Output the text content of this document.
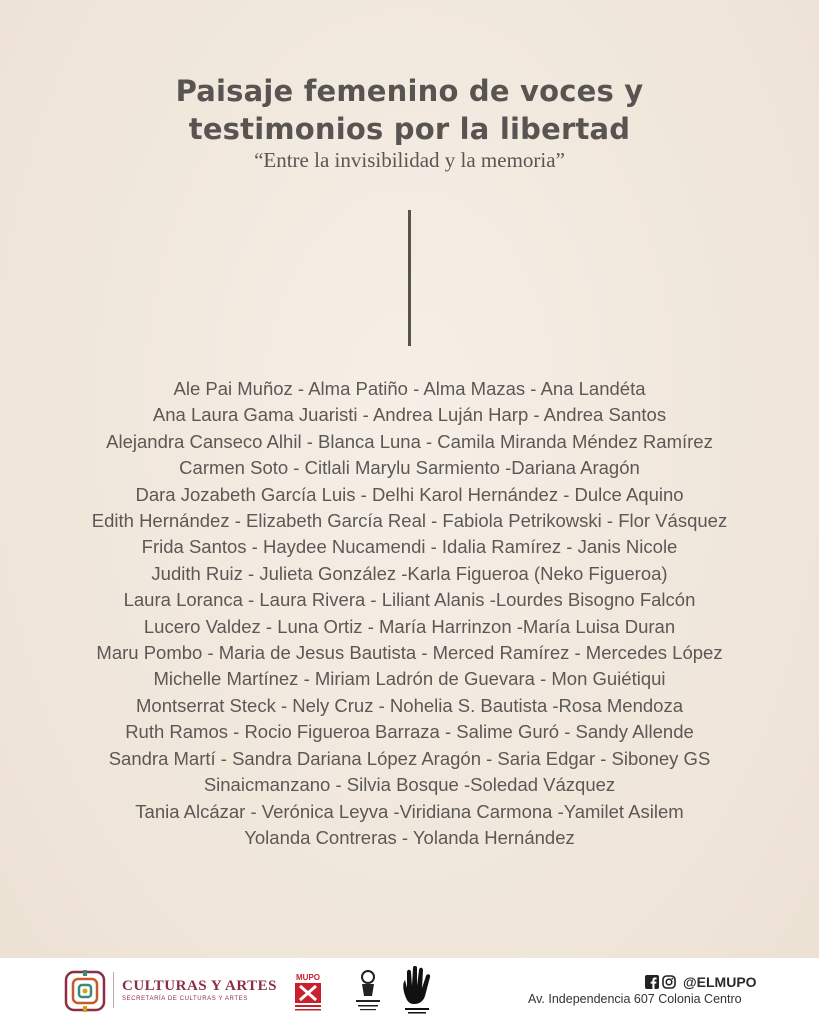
Paisaje femenino de voces y
testimonios por la libertad
“Entre la invisibilidad y la memoria”
Ale Pai Muñoz - Alma Patiño - Alma Mazas - Ana Landéta
Ana Laura Gama Juaristi - Andrea Luján Harp - Andrea Santos
Alejandra Canseco Alhil - Blanca Luna - Camila Miranda Méndez Ramírez
Carmen Soto - Citlali Marylu Sarmiento -Dariana Aragón
Dara Jozabeth García Luis - Delhi Karol Hernández - Dulce Aquino
Edith Hernández - Elizabeth García Real - Fabiola Petrikowski - Flor Vásquez
Frida Santos - Haydee Nucamendi - Idalia Ramírez - Janis Nicole
Judith Ruiz - Julieta González -Karla Figueroa (Neko Figueroa)
Laura Loranca - Laura Rivera - Liliant Alanis -Lourdes Bisogno Falcón
Lucero Valdez - Luna Ortiz - María Harrinzon -María Luisa Duran
Maru Pombo - Maria de Jesus Bautista - Merced Ramírez - Mercedes López
Michelle Martínez - Miriam Ladrón de Guevara - Mon Guiétiqui
Montserrat Steck - Nely Cruz - Nohelia S. Bautista -Rosa Mendoza
Ruth Ramos - Rocio Figueroa Barraza - Salime Guró - Sandy Allende
Sandra Martí - Sandra Dariana López Aragón - Saria Edgar - Siboney GS
Sinaicmanzano - Silvia Bosque -Soledad Vázquez
Tania Alcázar - Verónica Leyva -Viridiana Carmona -Yamilet Asilem
Yolanda Contreras - Yolanda Hernández
CULTURAS Y ARTES
SECRETARÍA DE CULTURAS Y ARTES
MUPO	@ELMUPO
Av. Independencia 607 Colonia Centro
